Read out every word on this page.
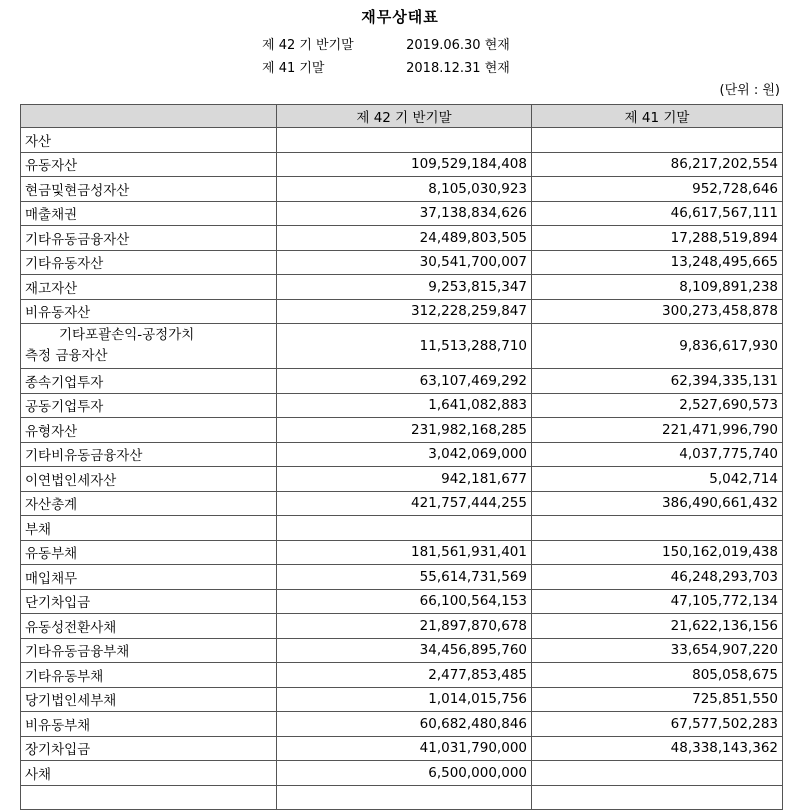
재무상태표
제 42 기 반기말	2019.06.30 현재
제 41 기말	2018.12.31 현재
(단위 : 원)
	제 42 기 반기말	제 41 기말
자산		
유동자산	109,529,184,408	86,217,202,554
현금및현금성자산	8,105,030,923	952,728,646
매출채권	37,138,834,626	46,617,567,111
기타유동금융자산	24,489,803,505	17,288,519,894
기타유동자산	30,541,700,007	13,248,495,665
재고자산	9,253,815,347	8,109,891,238
비유동자산	312,228,259,847	300,273,458,878

기타포괄손익-공정가치
측정 금융자산	11,513,288,710	9,836,617,930
종속기업투자	63,107,469,292	62,394,335,131
공동기업투자	1,641,082,883	2,527,690,573
유형자산	231,982,168,285	221,471,996,790
기타비유동금융자산	3,042,069,000	4,037,775,740
이연법인세자산	942,181,677	5,042,714
자산총계	421,757,444,255	386,490,661,432
부채		
유동부채	181,561,931,401	150,162,019,438
매입채무	55,614,731,569	46,248,293,703
단기차입금	66,100,564,153	47,105,772,134
유동성전환사채	21,897,870,678	21,622,136,156
기타유동금융부채	34,456,895,760	33,654,907,220
기타유동부채	2,477,853,485	805,058,675
당기법인세부채	1,014,015,756	725,851,550
비유동부채	60,682,480,846	67,577,502,283
장기차입금	41,031,790,000	48,338,143,362
사채	6,500,000,000	
